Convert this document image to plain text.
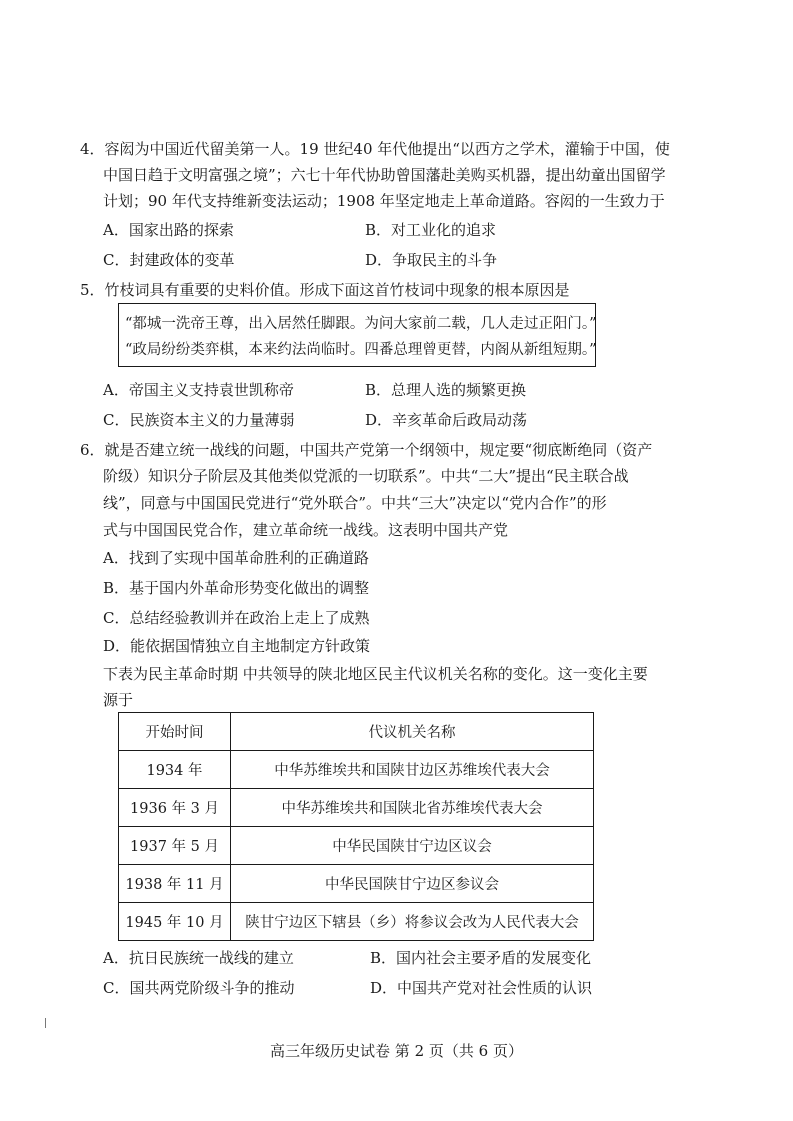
4．容闳为中国近代留美第一人。19 世纪40 年代他提出“以西方之学术，灌输于中国，使
中国日趋于文明富强之境”；六七十年代协助曾国藩赴美购买机器，提出幼童出国留学
计划；90 年代支持维新变法运动；1908 年坚定地走上革命道路。容闳的一生致力于
A．国家出路的探索	B．对工业化的追求
C．封建政体的变革	D．争取民主的斗争
5．竹枝词具有重要的史料价值。形成下面这首竹枝词中现象的根本原因是
“都城一洗帝王尊，出入居然任脚跟。为问大家前二载，几人走过正阳门。”
“政局纷纷类弈棋，本来约法尚临时。四番总理曾更替，内阁从新组短期。”
A．帝国主义支持袁世凯称帝	B．总理人选的频繁更换
C．民族资本主义的力量薄弱	D．辛亥革命后政局动荡
6．就是否建立统一战线的问题，中国共产党第一个纲领中，规定要“彻底断绝同（资产
阶级）知识分子阶层及其他类似党派的一切联系”。中共“二大”提出“民主联合战
线”，同意与中国国民党进行“党外联合”。中共“三大”决定以“党内合作”的形
式与中国国民党合作，建立革命统一战线。这表明中国共产党
A．找到了实现中国革命胜利的正确道路
B．基于国内外革命形势变化做出的调整
C．总结经验教训并在政治上走上了成熟
D．能依据国情独立自主地制定方针政策
下表为民主革命时期 中共领导的陕北地区民主代议机关名称的变化。这一变化主要
源于
开始时间	代议机关名称
1934 年	中华苏维埃共和国陕甘边区苏维埃代表大会
1936 年 3 月	中华苏维埃共和国陕北省苏维埃代表大会
1937 年 5 月	中华民国陕甘宁边区议会
1938 年 11 月	中华民国陕甘宁边区参议会
1945 年 10 月	陕甘宁边区下辖县（乡）将参议会改为人民代表大会
A．抗日民族统一战线的建立	B．国内社会主要矛盾的发展变化
C．国共两党阶级斗争的推动	D．中国共产党对社会性质的认识
高三年级历史试卷 第 2 页（共 6 页）
